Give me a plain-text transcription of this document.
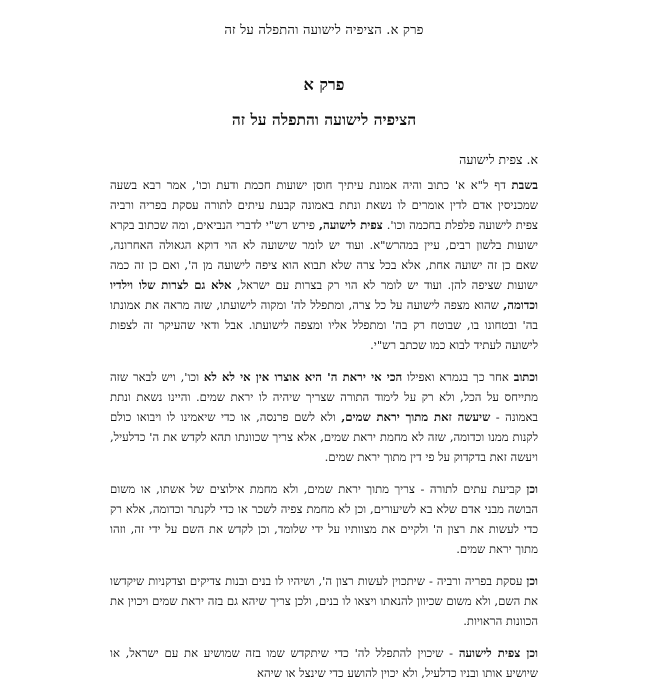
פרק א. הציפיה לישועה והתפלה על זה
פרק א
הציפיה לישועה והתפלה על זה
א. צפית לישועה

בשבת דף ל"א א' כתוב והיה אמונת עיתיך חוסן ישועות חכמת ודעת וכו', אמר רבא בשעה שמכניסין אדם לדין אומרים לו נשאת ונתת באמונה קבעת עיתים לתורה עסקת בפריה ורביה צפית לישועה פלפלת בחכמה וכו'. צפית לישועה, פירש רש"י לדברי הנביאים, ומה שכתוב בקרא ישועות בלשון רבים, עיין במהרש"א. ועוד יש לומר שישועה לא הוי דוקא הגאולה האחרונה, שאם כן זה ישועה אחת, אלא בכל צרה שלא תבוא הוא ציפה לישועה מן ה', ואם כן זה כמה ישועות שציפה להן. ועוד יש לומר לא הוי רק בצרות עם ישראל, אלא גם לצרות שלו וילדיו וכדומה, שהוא מצפה לישועה על כל צרה, ומתפלל לה' ומקוה לישועתו, שזה מראה את אמונתו בה' ובטחונו בו, שבוטח רק בה' ומתפלל אליו ומצפה לישועתו. אבל ודאי שהעיקר זה לצפות לישועה לעתיד לבוא כמו שכתב רש"י.

וכתוב אחר כך בגמרא ואפילו הכי אי יראת ה' היא אוצרו אין אי לא לא וכו', ויש לבאר שזה מתייחס על הכל, ולא רק על לימוד התורה שצריך שיהיה לו יראת שמים. והיינו נשאת ונתת באמונה - שיעשה זאת מתוך יראת שמים, ולא לשם פרנסה, או כדי שיאמינו לו ויבואו כולם לקנות ממנו וכדומה, שזה לא מחמת יראת שמים, אלא צריך שכוונתו תהא לקדש את ה' כדלעיל, ויעשה זאת בדקדוק על פי דין מתוך יראת שמים.

וכן קביעת עתים לתורה - צריך מתוך יראת שמים, ולא מחמת אילוצים של אשתו, או משום הבושה מבני אדם שלא בא לשיעורים, וכן לא מחמת צפיה לשכר או כדי לקנתר וכדומה, אלא רק כדי לעשות את רצון ה' ולקיים את מצוותיו על ידי שלומד, וכן לקדש את השם על ידי זה, וזהו מתוך יראת שמים.

וכן עסקת בפריה ורביה - שיתכוין לעשות רצון ה', ושיהיו לו בנים ובנות צדיקים וצדקניות שיקדשו את השם, ולא משום שכיוון להנאתו ויצאו לו בנים, ולכן צריך שיהא גם בזה יראת שמים ויכוין את הכוונות הראויות.

וכן צפית לישועה - שיכוין להתפלל לה' כדי שיתקדש שמו בזה שמושיע את עם ישראל, או שיושיע אותו ובניו כדלעיל, ולא יכוין להושע כדי שינצל או שיהא
